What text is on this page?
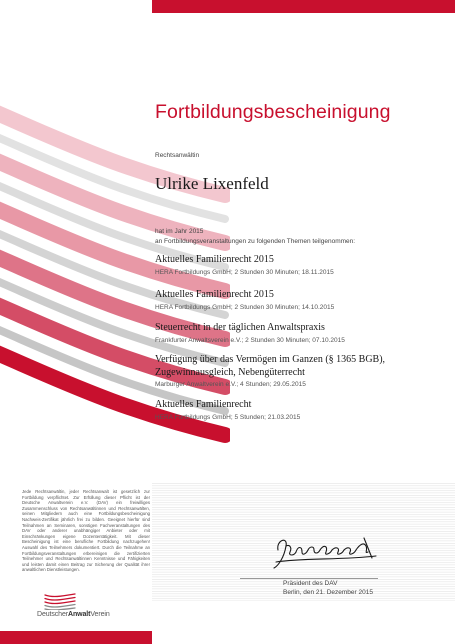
Fortbildungsbescheinigung
Rechtsanwältin
Ulrike Lixenfeld
hat im Jahr 2015
an Fortbildungsveranstaltungen zu folgenden Themen teilgenommen:
Aktuelles Familienrecht 2015
HERA Fortbildungs GmbH; 2 Stunden 30 Minuten; 18.11.2015
Aktuelles Familienrecht 2015
HERA Fortbildungs GmbH; 2 Stunden 30 Minuten; 14.10.2015
Steuerrecht in der täglichen Anwaltspraxis
Frankfurter Anwaltsverein e.V.; 2 Stunden 30 Minuten; 07.10.2015
Verfügung über das Vermögen im Ganzen (§ 1365 BGB), Zugewinnausgleich, Nebengüterrecht
Marburger Anwaltverein e.V.; 4 Stunden; 29.05.2015
Aktuelles Familienrecht
HERA Fortbildungs GmbH; 5 Stunden; 21.03.2015
Jede Rechtsanwältin, jeder Rechtsanwalt ist gesetzlich zur Fortbildung verpflichtet. Zur Erfüllung dieser Pflicht ist der Deutsche Anwaltverein e.V. (DAV) ein freiwilliges Zusammenschluss von Rechtsanwältinnen und Rechtsanwälten, seinen Mitgliedern auch eine Fortbildungsbescheinigung Nachweis-Zertifikat jährlich frei zu bilden. Geeignet hierfür sind Teilnahmen an Seminaren, sonstigen Fachveranstaltungen des DAV oder anderer unabhängiger Anbieter oder mit Einschränkungen eigene Dozententätigkeit. Mit dieser Bescheinigung ist eine berufliche Fortbildung nachzugehen! Auswahl des Teilnehmers dokumentiert. Durch die Teilnahme an Fortbildungsveranstaltungen erbereinigen die zertifizierten Teilnehmer und Rechtsanwältinnen Kenntnisse und Fähigkeiten und leisten damit einen Beitrag zur Sicherung der Qualität ihrer anwaltlichen Dienstleistungen.
Präsident des DAV
Berlin, den 21. Dezember 2015
DeutscherAnwaltVerein
